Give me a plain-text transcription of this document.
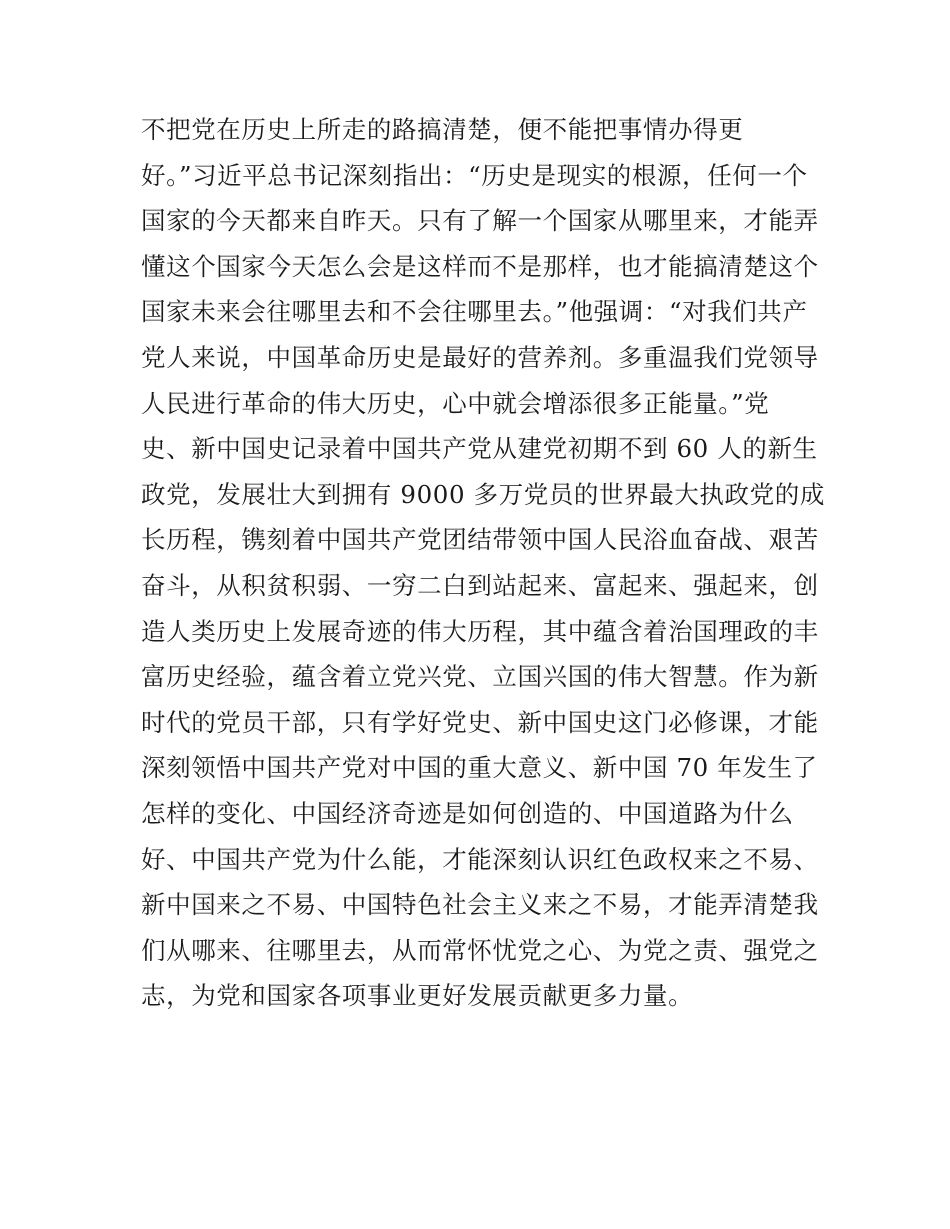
不把党在历史上所走的路搞清楚，便不能把事情办得更
好。”习近平总书记深刻指出：“历史是现实的根源，任何一个
国家的今天都来自昨天。只有了解一个国家从哪里来，才能弄
懂这个国家今天怎么会是这样而不是那样，也才能搞清楚这个
国家未来会往哪里去和不会往哪里去。”他强调：“对我们共产
党人来说，中国革命历史是最好的营养剂。多重温我们党领导
人民进行革命的伟大历史，心中就会增添很多正能量。”党
史、新中国史记录着中国共产党从建党初期不到 60 人的新生
政党，发展壮大到拥有 9000 多万党员的世界最大执政党的成
长历程，镌刻着中国共产党团结带领中国人民浴血奋战、艰苦
奋斗，从积贫积弱、一穷二白到站起来、富起来、强起来，创
造人类历史上发展奇迹的伟大历程，其中蕴含着治国理政的丰
富历史经验，蕴含着立党兴党、立国兴国的伟大智慧。作为新
时代的党员干部，只有学好党史、新中国史这门必修课，才能
深刻领悟中国共产党对中国的重大意义、新中国 70 年发生了
怎样的变化、中国经济奇迹是如何创造的、中国道路为什么
好、中国共产党为什么能，才能深刻认识红色政权来之不易、
新中国来之不易、中国特色社会主义来之不易，才能弄清楚我
们从哪来、往哪里去，从而常怀忧党之心、为党之责、强党之
志，为党和国家各项事业更好发展贡献更多力量。
